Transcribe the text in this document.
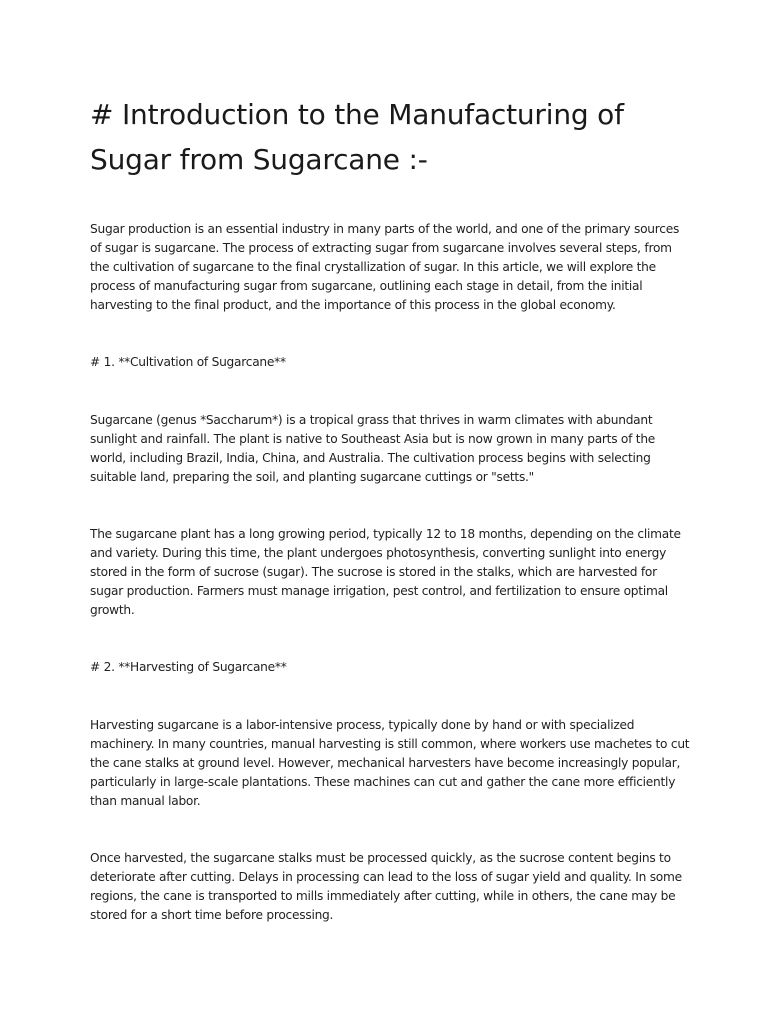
# Introduction to the Manufacturing of Sugar from Sugarcane :-

Sugar production is an essential industry in many parts of the world, and one of the primary sources of sugar is sugarcane. The process of extracting sugar from sugarcane involves several steps, from the cultivation of sugarcane to the final crystallization of sugar. In this article, we will explore the process of manufacturing sugar from sugarcane, outlining each stage in detail, from the initial harvesting to the final product, and the importance of this process in the global economy.

# 1. **Cultivation of Sugarcane**

Sugarcane (genus *Saccharum*) is a tropical grass that thrives in warm climates with abundant sunlight and rainfall. The plant is native to Southeast Asia but is now grown in many parts of the world, including Brazil, India, China, and Australia. The cultivation process begins with selecting suitable land, preparing the soil, and planting sugarcane cuttings or "setts."

The sugarcane plant has a long growing period, typically 12 to 18 months, depending on the climate and variety. During this time, the plant undergoes photosynthesis, converting sunlight into energy stored in the form of sucrose (sugar). The sucrose is stored in the stalks, which are harvested for sugar production. Farmers must manage irrigation, pest control, and fertilization to ensure optimal growth.

# 2. **Harvesting of Sugarcane**

Harvesting sugarcane is a labor-intensive process, typically done by hand or with specialized machinery. In many countries, manual harvesting is still common, where workers use machetes to cut the cane stalks at ground level. However, mechanical harvesters have become increasingly popular, particularly in large-scale plantations. These machines can cut and gather the cane more efficiently than manual labor.

Once harvested, the sugarcane stalks must be processed quickly, as the sucrose content begins to deteriorate after cutting. Delays in processing can lead to the loss of sugar yield and quality. In some regions, the cane is transported to mills immediately after cutting, while in others, the cane may be stored for a short time before processing.
